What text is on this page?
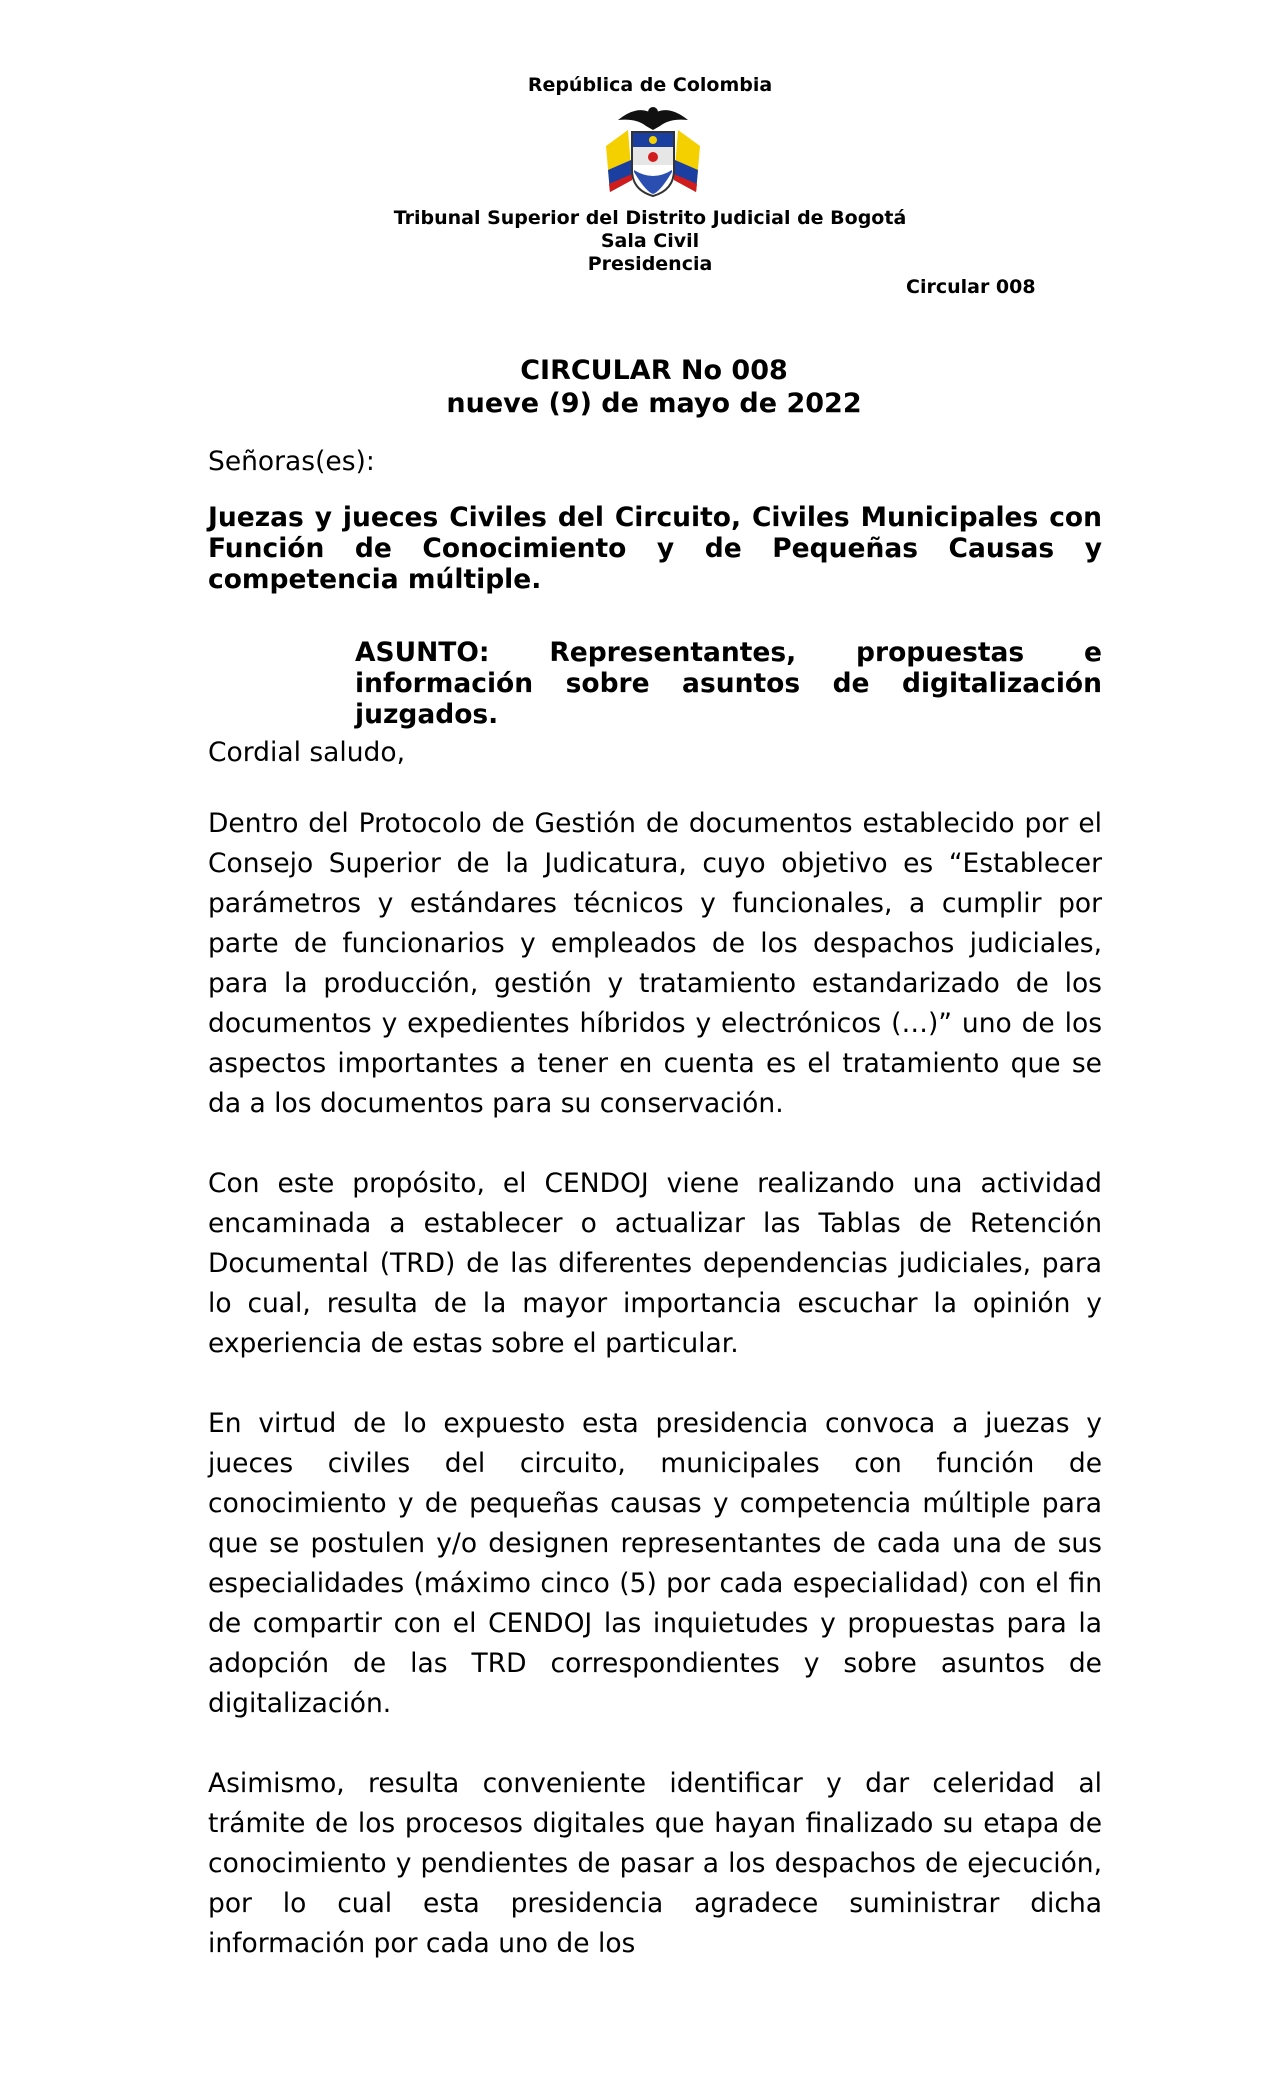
República de Colombia
Tribunal Superior del Distrito Judicial de Bogotá
Sala Civil
Presidencia
Circular 008
CIRCULAR No 008
nueve (9) de mayo de 2022
Señoras(es):
Juezas y jueces Civiles del Circuito, Civiles Municipales con Función de Conocimiento y de Pequeñas Causas y competencia múltiple.
ASUNTO: Representantes, propuestas e información sobre asuntos de digitalización juzgados.
Cordial saludo,

Dentro del Protocolo de Gestión de documentos establecido por el Consejo Superior de la Judicatura, cuyo objetivo es “Establecer parámetros y estándares técnicos y funcionales, a cumplir por parte de funcionarios y empleados de los despachos judiciales, para la producción, gestión y tratamiento estandarizado de los documentos y expedientes híbridos y electrónicos (…)” uno de los aspectos importantes a tener en cuenta es el tratamiento que se da a los documentos para su conservación.

Con este propósito, el CENDOJ viene realizando una actividad encaminada a establecer o actualizar las Tablas de Retención Documental (TRD) de las diferentes dependencias judiciales, para lo cual, resulta de la mayor importancia escuchar la opinión y experiencia de estas sobre el particular.

En virtud de lo expuesto esta presidencia convoca a juezas y jueces civiles del circuito, municipales con función de conocimiento y de pequeñas causas y competencia múltiple para que se postulen y/o designen representantes de cada una de sus especialidades (máximo cinco (5) por cada especialidad) con el fin de compartir con el CENDOJ las inquietudes y propuestas para la adopción de las TRD correspondientes y sobre asuntos de digitalización.

Asimismo, resulta conveniente identificar y dar celeridad al trámite de los procesos digitales que hayan finalizado su etapa de conocimiento y pendientes de pasar a los despachos de ejecución, por lo cual esta presidencia agradece suministrar dicha información por cada uno de los
